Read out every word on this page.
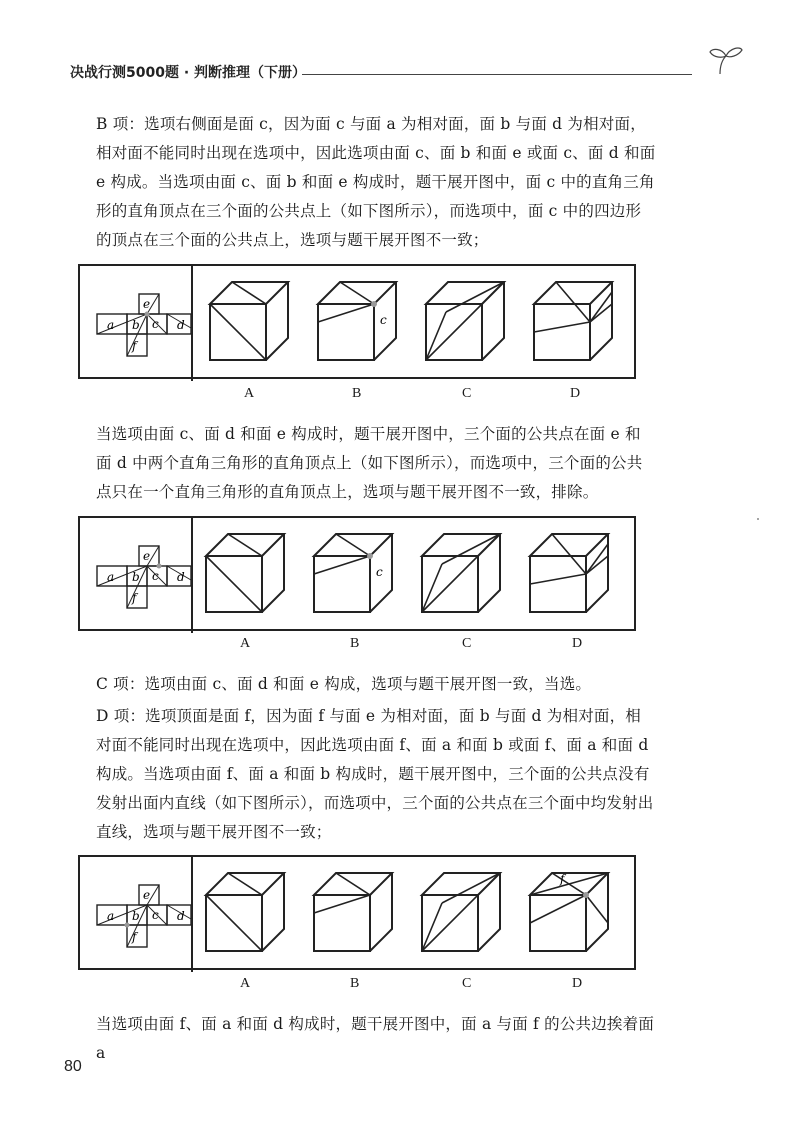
决战行测5000题 · 判断推理（下册）
B 项：选项右侧面是面 c，因为面 c 与面 a 为相对面，面 b 与面 d 为相对面，相对面不能同时出现在选项中，因此选项由面 c、面 b 和面 e 或面 c、面 d 和面 e 构成。当选项由面 c、面 b 和面 e 构成时，题干展开图中，面 c 中的直角三角形的直角顶点在三个面的公共点上（如下图所示），而选项中，面 c 中的四边形的顶点在三个面的公共点上，选项与题干展开图不一致；
a b c d
e
f
c
A	B	C	D
当选项由面 c、面 d 和面 e 构成时，题干展开图中，三个面的公共点在面 e 和面 d 中两个直角三角形的直角顶点上（如下图所示），而选项中，三个面的公共点只在一个直角三角形的直角顶点上，选项与题干展开图不一致，排除。
a b c d
e
f
c
A	B	C	D
C 项：选项由面 c、面 d 和面 e 构成，选项与题干展开图一致，当选。
D 项：选项顶面是面 f，因为面 f 与面 e 为相对面，面 b 与面 d 为相对面，相对面不能同时出现在选项中，因此选项由面 f、面 a 和面 b 或面 f、面 a 和面 d 构成。当选项由面 f、面 a 和面 b 构成时，题干展开图中，三个面的公共点没有发射出面内直线（如下图所示），而选项中，三个面的公共点在三个面中均发射出直线，选项与题干展开图不一致；
a b c d
e
f
f
A	B	C	D
当选项由面 f、面 a 和面 d 构成时，题干展开图中，面 a 与面 f 的公共边挨着面 a
80
